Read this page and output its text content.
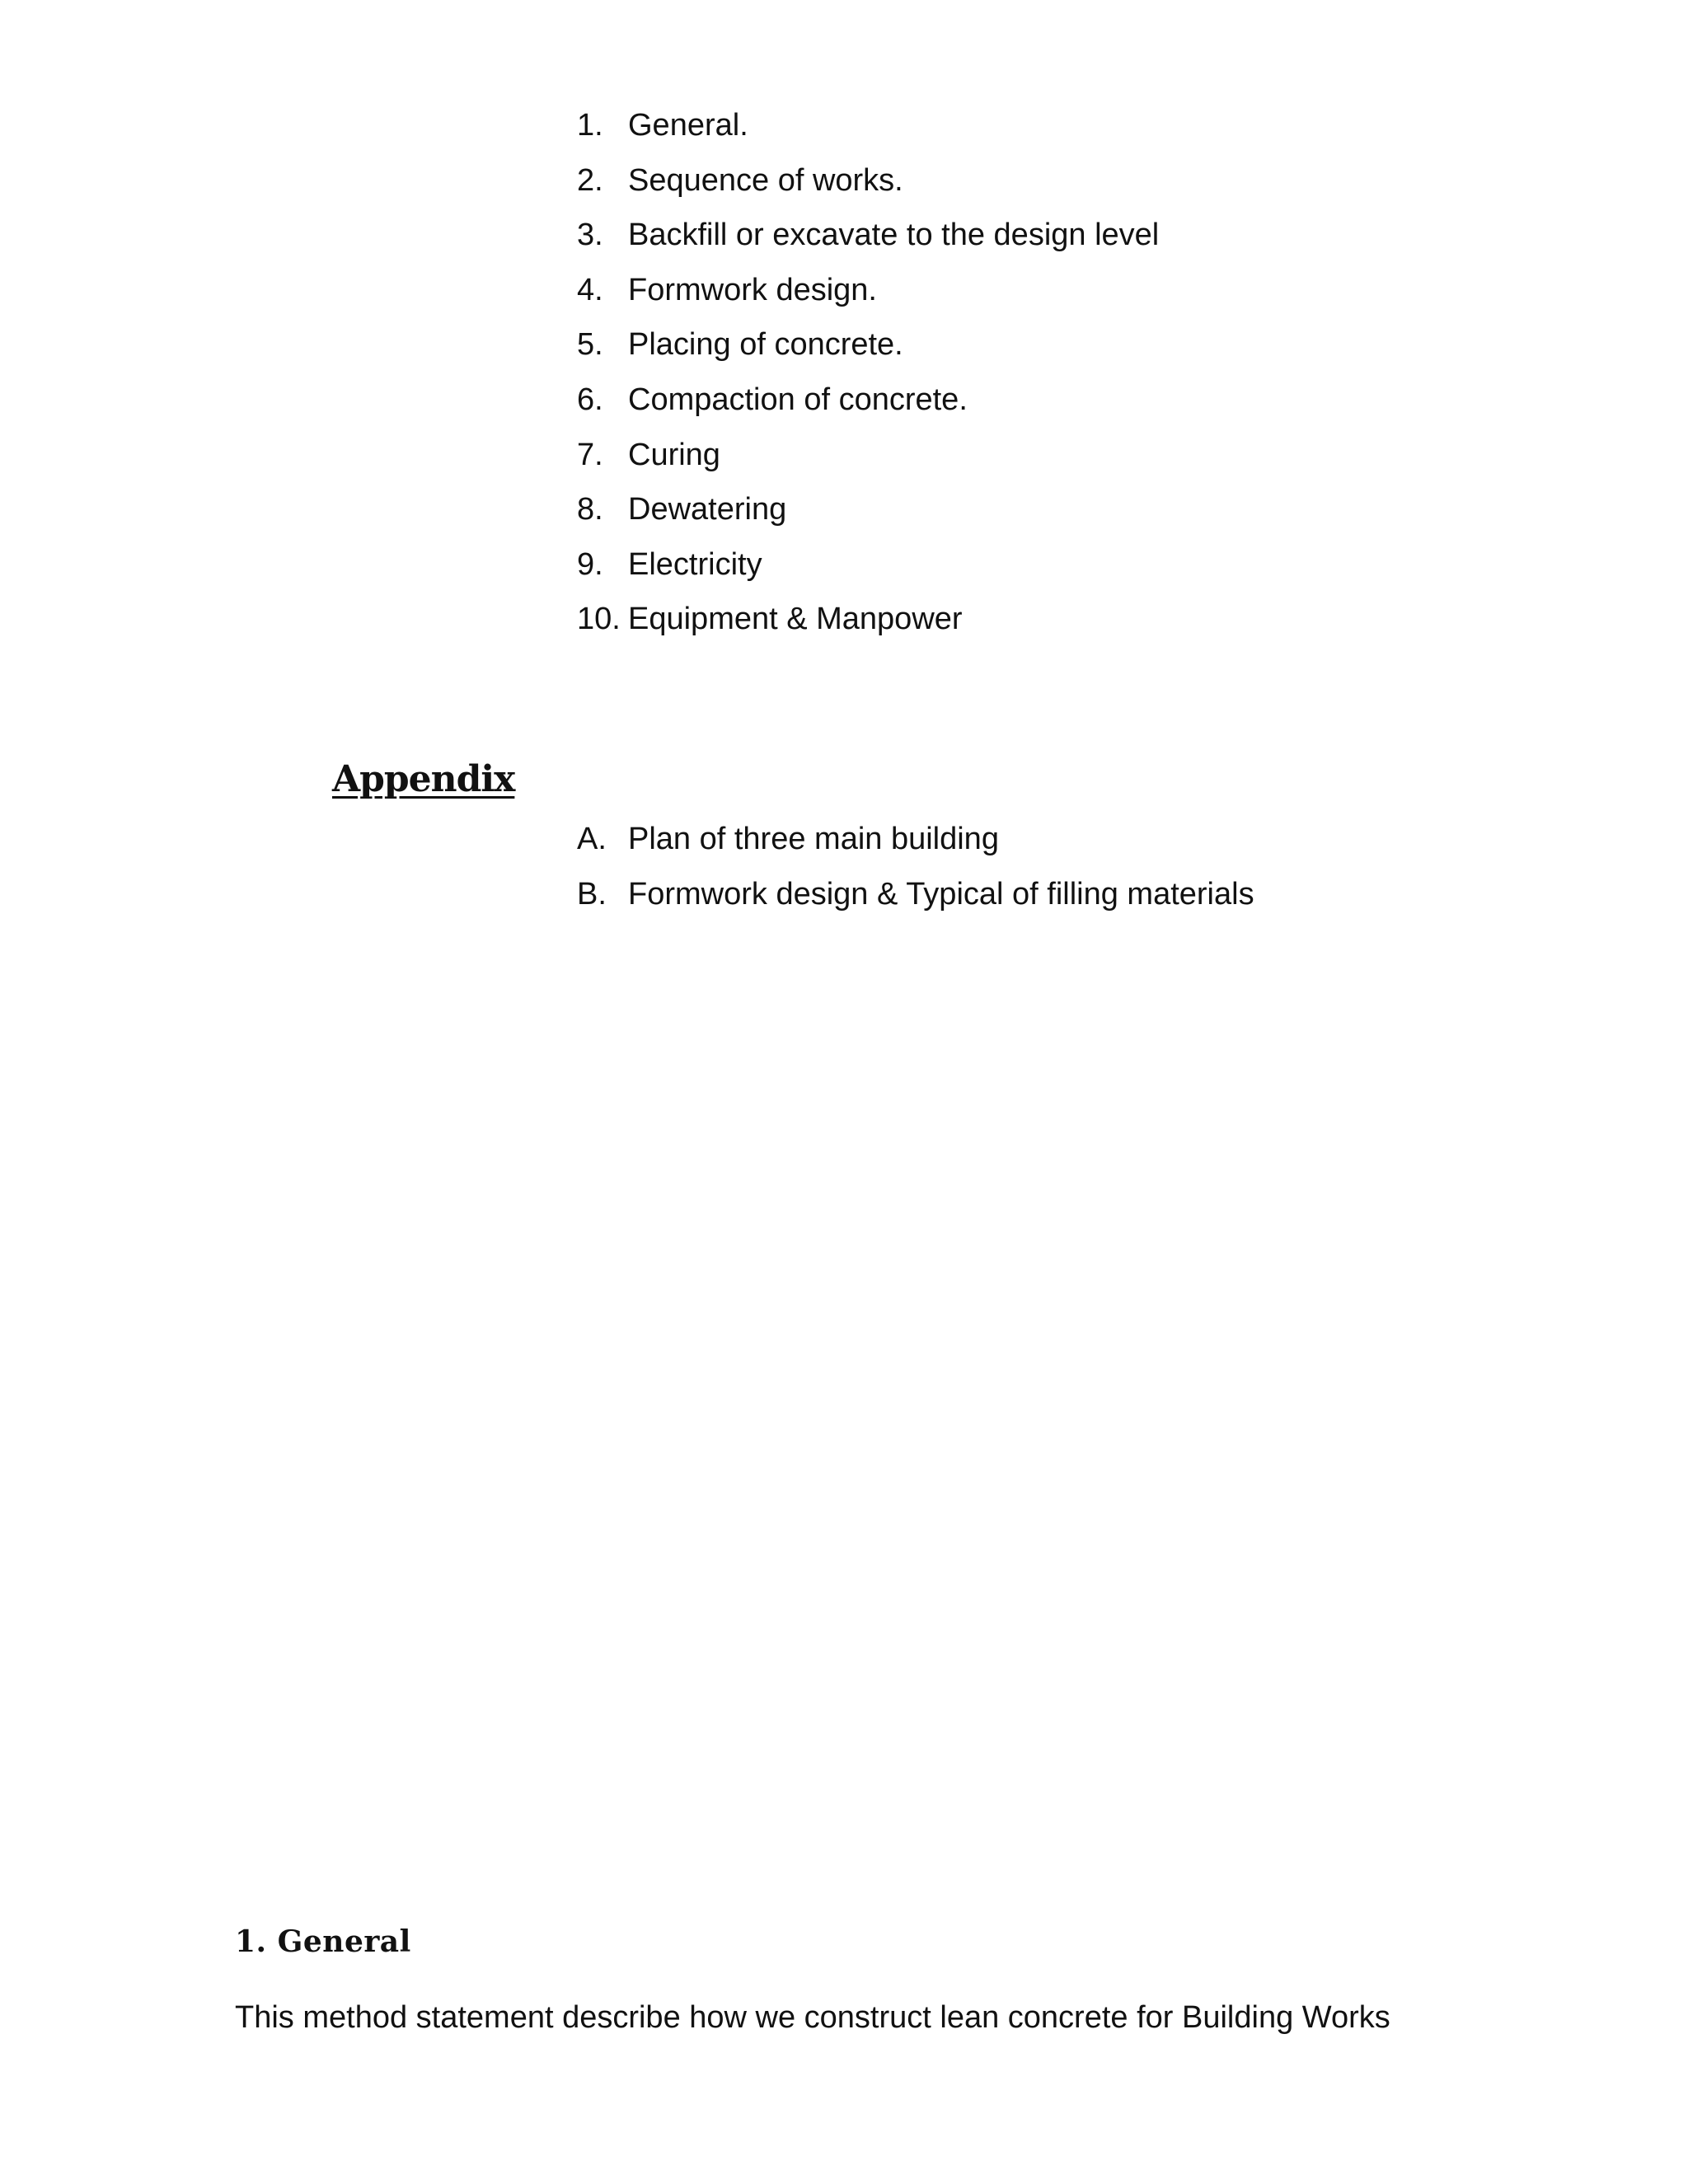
1. General.
2. Sequence of works.
3. Backfill or excavate to the design level
4. Formwork design.
5. Placing of concrete.
6. Compaction of concrete.
7. Curing
8. Dewatering
9. Electricity
10. Equipment & Manpower
Appendix
A. Plan of three main building
B. Formwork design & Typical of filling materials
1. General

This method statement describe how we construct lean concrete for Building Works
